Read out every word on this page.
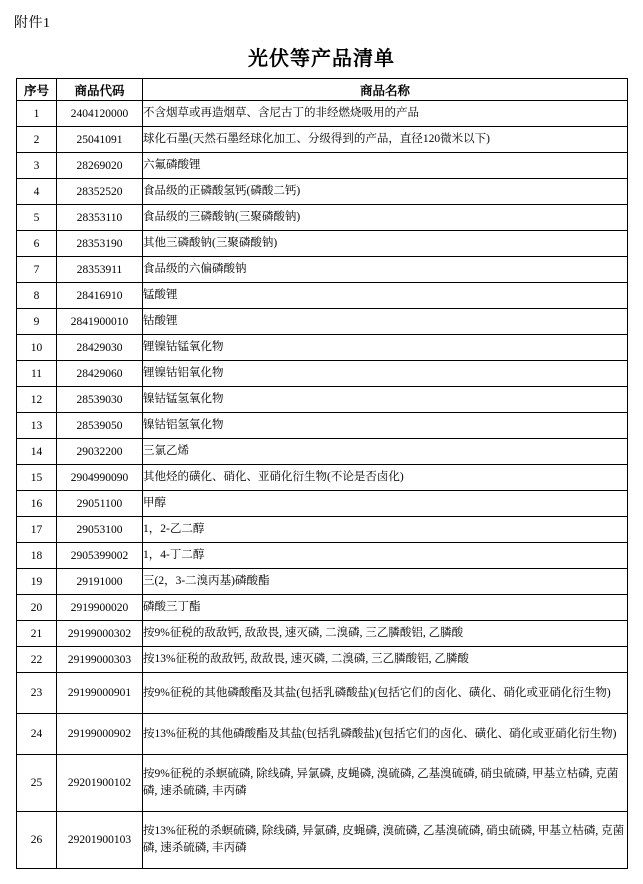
附件1
光伏等产品清单
序号	商品代码	商品名称
1	2404120000	不含烟草或再造烟草、含尼古丁的非经燃烧吸用的产品
2	25041091	球化石墨(天然石墨经球化加工、分级得到的产品，直径120微米以下)
3	28269020	六氟磷酸锂
4	28352520	食品级的正磷酸氢钙(磷酸二钙)
5	28353110	食品级的三磷酸钠(三聚磷酸钠)
6	28353190	其他三磷酸钠(三聚磷酸钠)
7	28353911	食品级的六偏磷酸钠
8	28416910	锰酸锂
9	2841900010	钴酸锂
10	28429030	锂镍钴锰氧化物
11	28429060	锂镍钴铝氧化物
12	28539030	镍钴锰氢氧化物
13	28539050	镍钴铝氢氧化物
14	29032200	三氯乙烯
15	2904990090	其他烃的磺化、硝化、亚硝化衍生物(不论是否卤化)
16	29051100	甲醇
17	29053100	1，2-乙二醇
18	2905399002	1，4-丁二醇
19	29191000	三(2，3-二溴丙基)磷酸酯
20	2919900020	磷酸三丁酯
21	29199000302	按9%征税的敌敌钙, 敌敌畏, 速灭磷, 二溴磷, 三乙膦酸铝, 乙膦酸
22	29199000303	按13%征税的敌敌钙, 敌敌畏, 速灭磷, 二溴磷, 三乙膦酸铝, 乙膦酸
23	29199000901	按9%征税的其他磷酸酯及其盐(包括乳磷酸盐)(包括它们的卤化、磺化、硝化或亚硝化衍生物)
24	29199000902	按13%征税的其他磷酸酯及其盐(包括乳磷酸盐)(包括它们的卤化、磺化、硝化或亚硝化衍生物)
25	29201900102	按9%征税的杀螟硫磷, 除线磷, 异氯磷, 皮蝇磷, 溴硫磷, 乙基溴硫磷, 硝虫硫磷, 甲基立枯磷, 克菌磷, 速杀硫磷, 丰丙磷
26	29201900103	按13%征税的杀螟硫磷, 除线磷, 异氯磷, 皮蝇磷, 溴硫磷, 乙基溴硫磷, 硝虫硫磷, 甲基立枯磷, 克菌磷, 速杀硫磷, 丰丙磷
